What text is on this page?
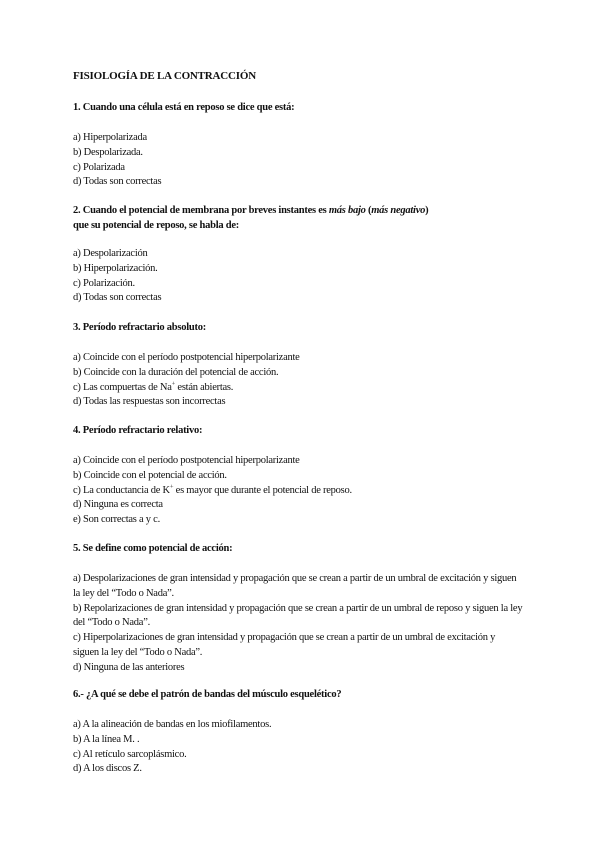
FISIOLOGÍA DE LA CONTRACCIÓN

1. Cuando una célula está en reposo se dice que está:

a) Hiperpolarizada

b) Despolarizada.

c) Polarizada

d) Todas son correctas

2. Cuando el potencial de membrana por breves instantes es más bajo (más negativo)
que su potencial de reposo, se habla de:

a) Despolarización

b) Hiperpolarización.

c) Polarización.

d) Todas son correctas

3. Período refractario absoluto:

a) Coincide con el período postpotencial hiperpolarizante

b) Coincide con la duración del potencial de acción.

c) Las compuertas de Na+ están abiertas.

d) Todas las respuestas son incorrectas

4. Período refractario relativo:

a) Coincide con el período postpotencial hiperpolarizante

b) Coincide con el potencial de acción.

c) La conductancia de K+ es mayor que durante el potencial de reposo.

d) Ninguna es correcta

e) Son correctas a y c.

5. Se define como potencial de acción:

a) Despolarizaciones de gran intensidad y propagación que se crean a partir de un umbral de excitación y siguen la ley del “Todo o Nada”.

b) Repolarizaciones de gran intensidad y propagación que se crean a partir de un umbral de reposo y siguen la ley del “Todo o Nada”.

c) Hiperpolarizaciones de gran intensidad y propagación que se crean a partir de un umbral de excitación y siguen la ley del “Todo o Nada”.

d) Ninguna de las anteriores

6.- ¿A qué se debe el patrón de bandas del músculo esquelético?

a) A la alineación de bandas en los miofilamentos.

b) A la línea M. .

c) Al retículo sarcoplásmico.

d) A los discos Z.
